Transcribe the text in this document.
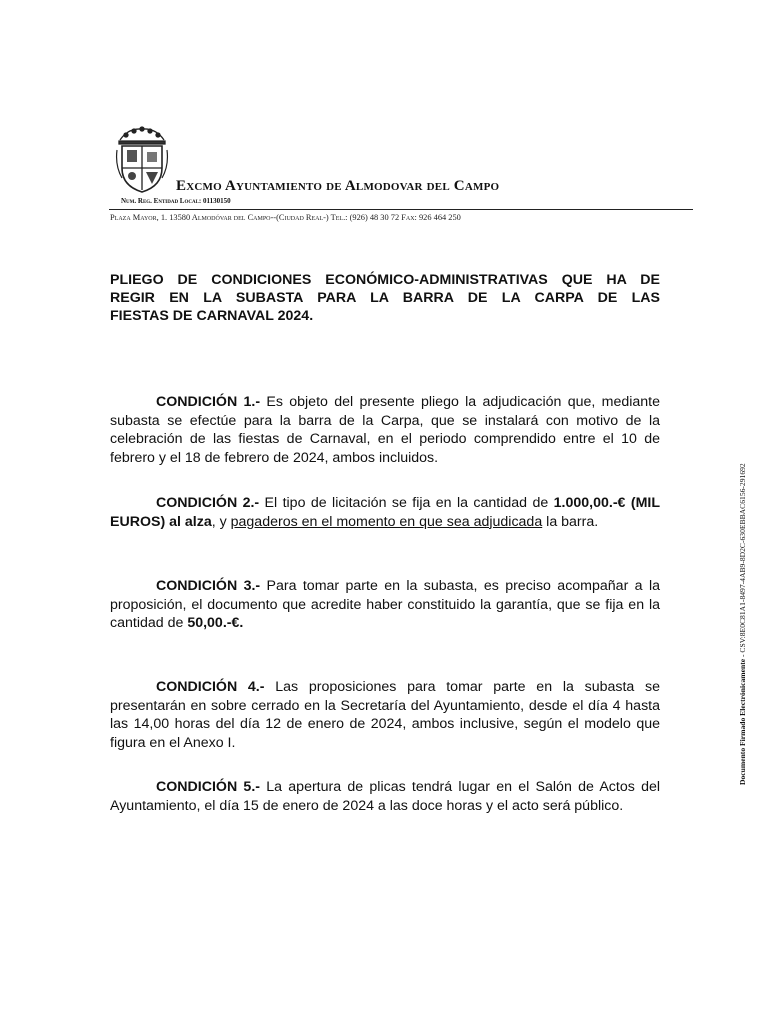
Excmo Ayuntamiento de Almodovar del Campo
Num. Reg. Entidad Local: 01130150
Plaza Mayor, 1. 13580 Almodóvar del Campo--(Ciudad Real-) Tel.: (926) 48 30 72 Fax: 926 464 250
PLIEGO DE CONDICIONES ECONÓMICO-ADMINISTRATIVAS QUE HA DE
REGIR EN LA SUBASTA PARA LA BARRA DE LA CARPA DE LAS
FIESTAS DE CARNAVAL 2024.
CONDICIÓN 1.- Es objeto del presente pliego la adjudicación que, mediante subasta se efectúe para la barra de la Carpa, que se instalará con motivo de la celebración de las fiestas de Carnaval, en el periodo comprendido entre el 10 de febrero y el 18 de febrero de 2024, ambos incluidos.
CONDICIÓN 2.- El tipo de licitación se fija en la cantidad de 1.000,00.-€ (MIL EUROS) al alza, y pagaderos en el momento en que sea adjudicada la barra.
CONDICIÓN 3.- Para tomar parte en la subasta, es preciso acompañar a la proposición, el documento que acredite haber constituido la garantía, que se fija en la cantidad de 50,00.-€.
CONDICIÓN 4.- Las proposiciones para tomar parte en la subasta se presentarán en sobre cerrado en la Secretaría del Ayuntamiento, desde el día 4 hasta las 14,00 horas del día 12 de enero de 2024, ambos inclusive, según el modelo que figura en el Anexo I.
CONDICIÓN 5.- La apertura de plicas tendrá lugar en el Salón de Actos del Ayuntamiento, el día 15 de enero de 2024 a las doce horas y el acto será público.
Documento Firmado Electrónicamente - CSV:8E0C81A1-8497-4AB9-8D2C-630EBBAC6156-291692
